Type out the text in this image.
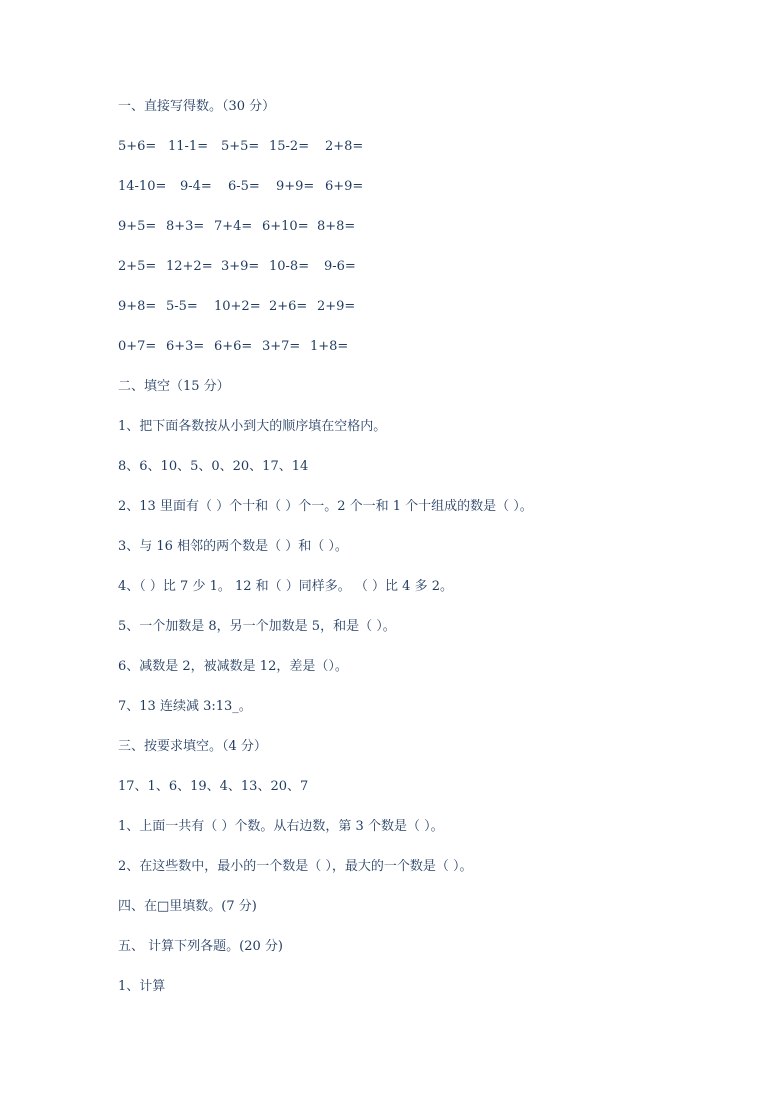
一、直接写得数。（30 分）
5+6= 11-1= 5+5= 15-2= 2+8=
14-10= 9-4= 6-5= 9+9= 6+9=
9+5= 8+3= 7+4= 6+10= 8+8=
2+5= 12+2= 3+9= 10-8= 9-6=
9+8= 5-5= 10+2= 2+6= 2+9=
0+7= 6+3= 6+6= 3+7= 1+8=
二、填空（15 分）
1、把下面各数按从小到大的顺序填在空格内。
8、6、10、5、0、20、17、14
2、13 里面有（ ）个十和（ ）个一。2 个一和 1 个十组成的数是（ ）。
3、与 16 相邻的两个数是（ ）和（ ）。
4、（ ）比 7 少 1。 12 和（ ）同样多。 （ ）比 4 多 2。
5、一个加数是 8，另一个加数是 5，和是（ ）。
6、减数是 2，被减数是 12，差是（）。
7、13 连续减 3:13_。
三、按要求填空。（4 分）
17、1、6、19、4、13、20、7
1、上面一共有（ ）个数。从右边数，第 3 个数是（ ）。
2、在这些数中，最小的一个数是（ ），最大的一个数是（ ）。
四、在□里填数。(7 分)
五、 计算下列各题。(20 分)
1、计算
